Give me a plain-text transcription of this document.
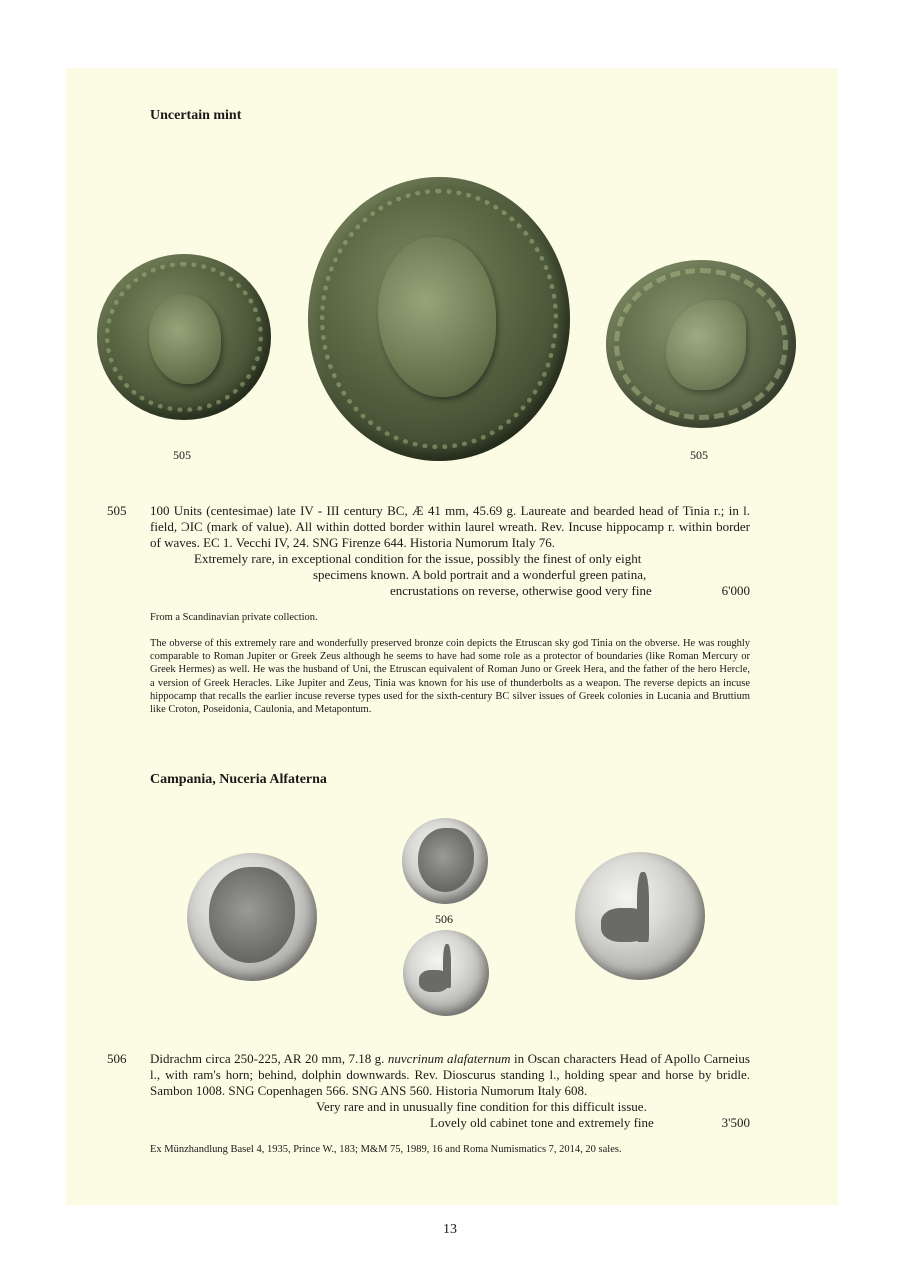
Uncertain mint
505	505
505 100 Units (centesimae) late IV - III century BC, Æ 41 mm, 45.69 g. Laureate and bearded head of Tinia r.; in l. field, ƆIC (mark of value). All within dotted border within laurel wreath. Rev. Incuse hippocamp r. within border of waves. EC 1. Vecchi IV, 24. SNG Firenze 644. Historia Numorum Italy 76.
Extremely rare, in exceptional condition for the issue, possibly the finest of only eight
specimens known. A bold portrait and a wonderful green patina,
encrustations on reverse, otherwise good very fine	6'000
From a Scandinavian private collection.
The obverse of this extremely rare and wonderfully preserved bronze coin depicts the Etruscan sky god Tinia on the obverse. He was roughly comparable to Roman Jupiter or Greek Zeus although he seems to have had some role as a protector of boundaries (like Roman Mercury or Greek Hermes) as well. He was the husband of Uni, the Etruscan equivalent of Roman Juno or Greek Hera, and the father of the hero Hercle, a version of Greek Heracles. Like Jupiter and Zeus, Tinia was known for his use of thunderbolts as a weapon. The reverse depicts an incuse hippocamp that recalls the earlier incuse reverse types used for the sixth-century BC silver issues of Greek colonies in Lucania and Bruttium like Croton, Poseidonia, Caulonia, and Metapontum.
Campania, Nuceria Alfaterna
506
506 Didrachm circa 250-225, AR 20 mm, 7.18 g. nuvcrinum alafaternum in Oscan characters Head of Apollo Carneius l., with ram's horn; behind, dolphin downwards. Rev. Dioscurus standing l., holding spear and horse by bridle. Sambon 1008. SNG Copenhagen 566. SNG ANS 560. Historia Numorum Italy 608.
Very rare and in unusually fine condition for this difficult issue.
Lovely old cabinet tone and extremely fine	3'500
Ex Münzhandlung Basel 4, 1935, Prince W., 183; M&M 75, 1989, 16 and Roma Numismatics 7, 2014, 20 sales.
13
